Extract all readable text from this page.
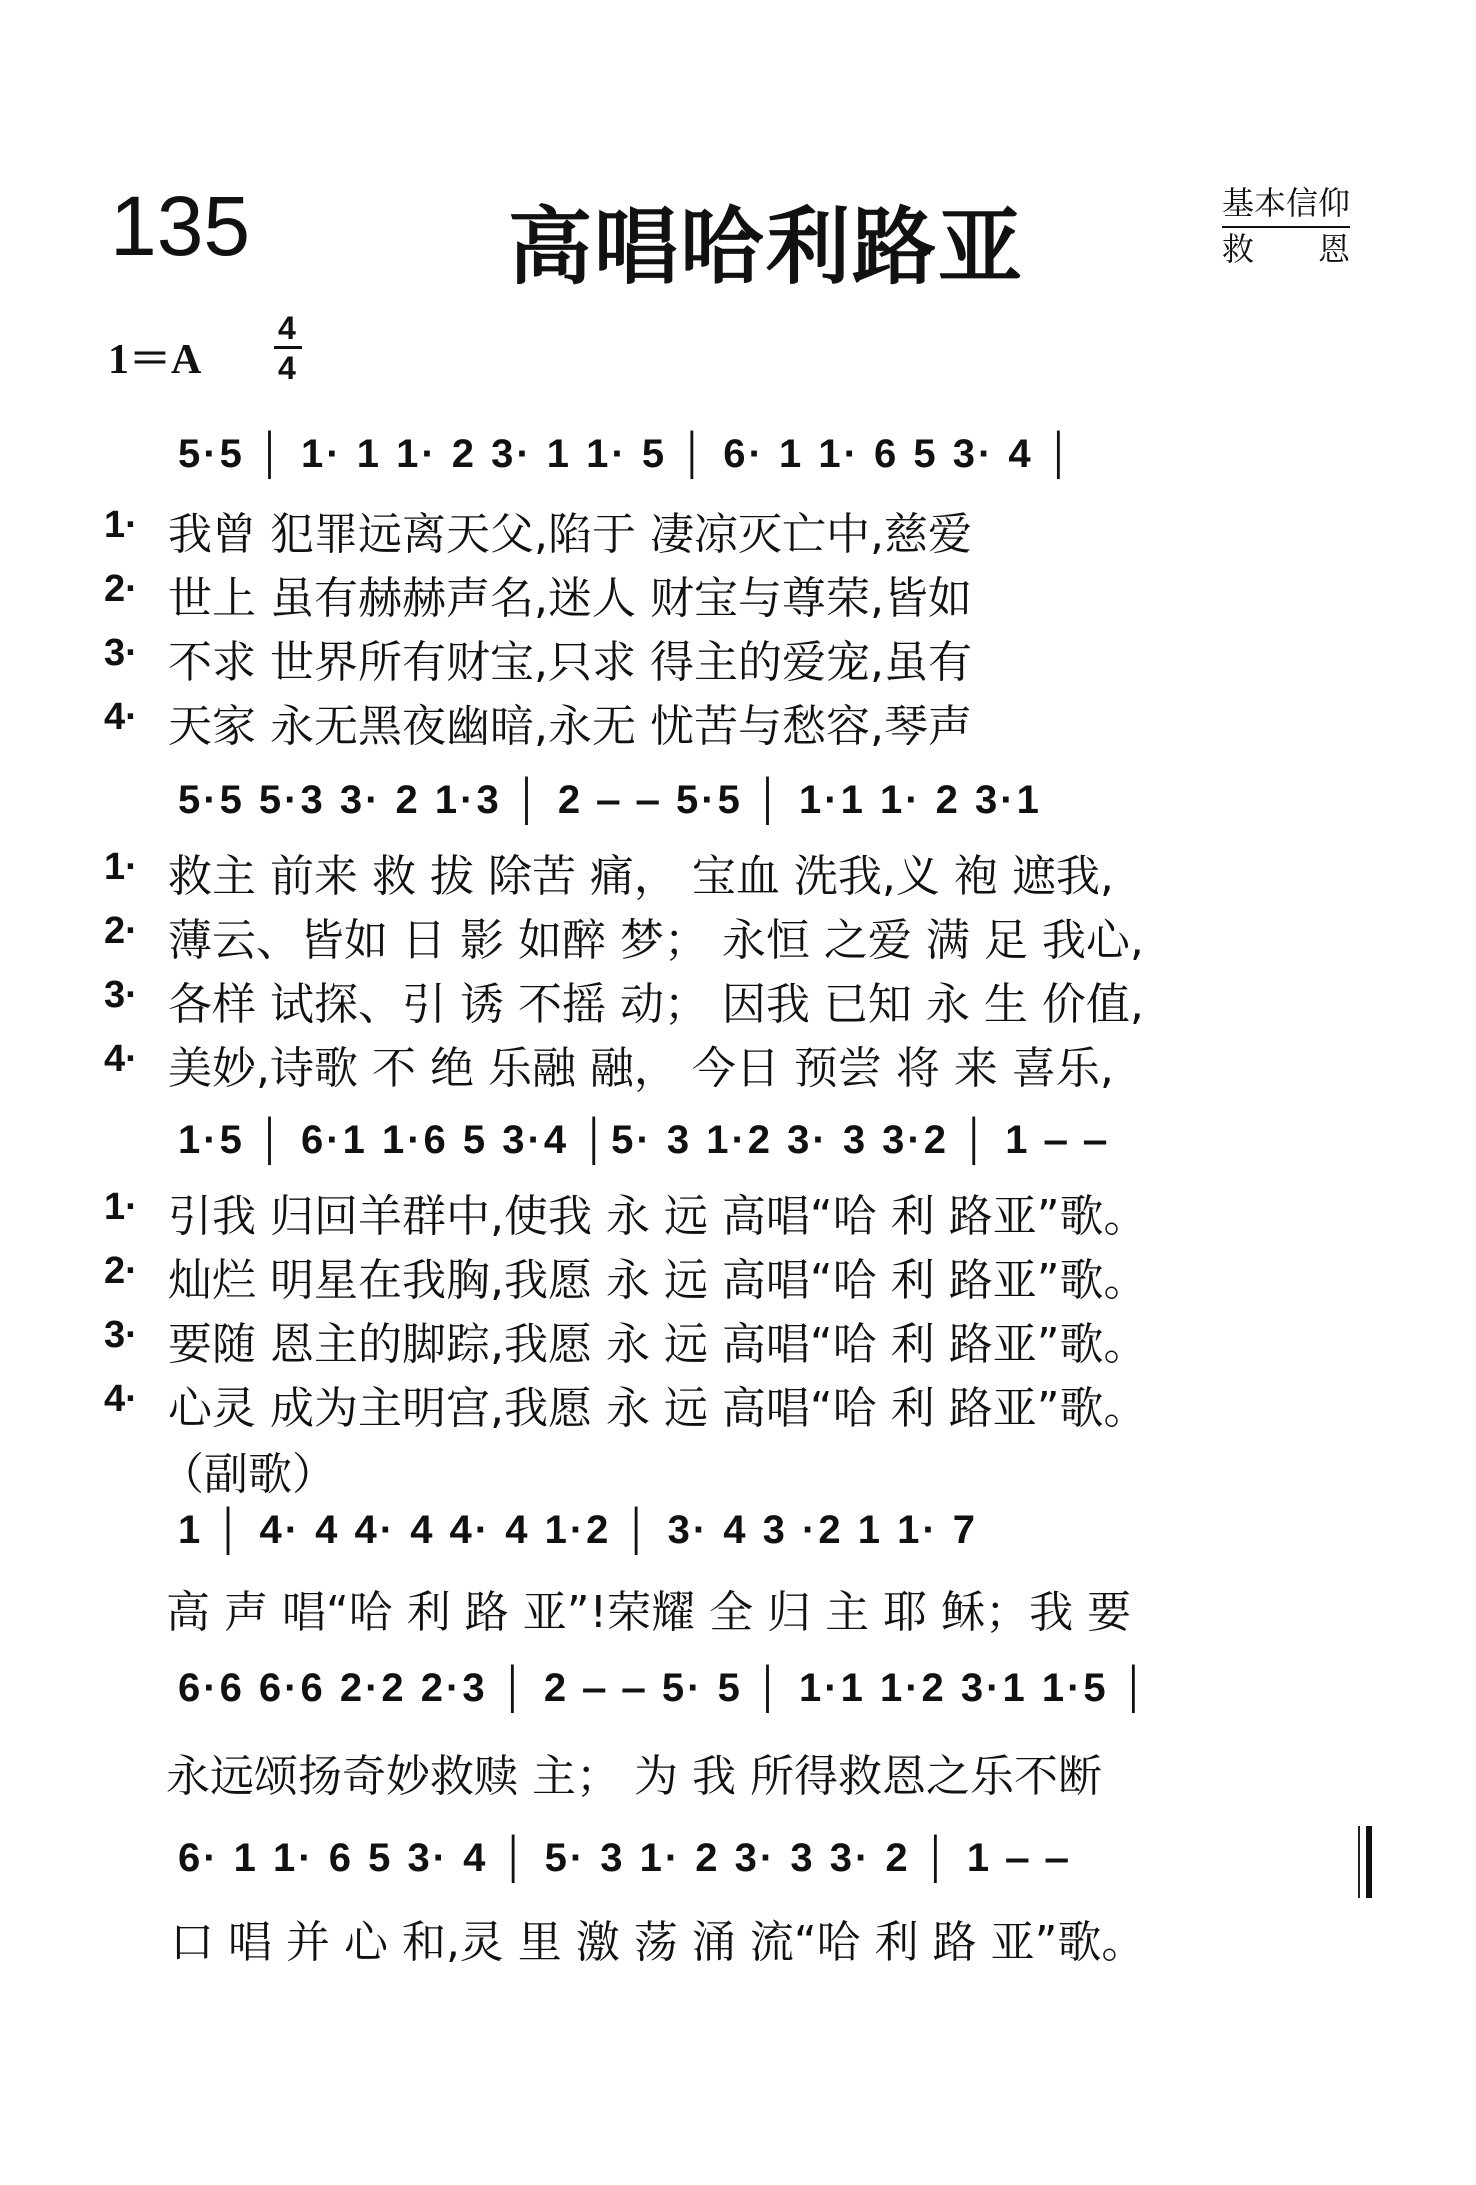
135	高唱哈利路亚	基本信仰
救　　恩
1＝A
4
4
5·5 │ 1· 1 1· 2 3· 1 1· 5 │ 6· 1 1· 6 5 3· 4 │
1· 我曾 犯罪远离天父,陷于 凄凉灭亡中,慈爱
2· 世上 虽有赫赫声名,迷人 财宝与尊荣,皆如
3· 不求 世界所有财宝,只求 得主的爱宠,虽有
4· 天家 永无黑夜幽暗,永无 忧苦与愁容,琴声
5·5 5·3 3· 2 1·3 │ 2 ‒ ‒ 5·5 │ 1·1 1· 2 3·1
1· 救主 前来 救 拔 除苦 痛， 宝血 洗我,义 袍 遮我,
2· 薄云、皆如 日 影 如醉 梦； 永恒 之爱 满 足 我心,
3· 各样 试探、引 诱 不摇 动； 因我 已知 永 生 价值,
4· 美妙,诗歌 不 绝 乐融 融， 今日 预尝 将 来 喜乐,
1·5 │ 6·1 1·6 5 3·4 │5· 3 1·2 3· 3 3·2 │ 1 ‒ ‒
1· 引我 归回羊群中,使我 永 远 高唱“哈 利 路亚”歌。
2· 灿烂 明星在我胸,我愿 永 远 高唱“哈 利 路亚”歌。
3· 要随 恩主的脚踪,我愿 永 远 高唱“哈 利 路亚”歌。
4· 心灵 成为主明宫,我愿 永 远 高唱“哈 利 路亚”歌。
（副歌）
1 │ 4· 4 4· 4 4· 4 1·2 │ 3· 4 3 ·2 1 1· 7
高 声 唱“哈 利 路 亚”!荣耀 全 归 主 耶 稣；我 要
6·6 6·6 2·2 2·3 │ 2 ‒ ‒ 5· 5 │ 1·1 1·2 3·1 1·5 │
永远颂扬奇妙救赎 主； 为 我 所得救恩之乐不断
6· 1 1· 6 5 3· 4 │ 5· 3 1· 2 3· 3 3· 2 │ 1 ‒ ‒
口 唱 并 心 和,灵 里 激 荡 涌 流“哈 利 路 亚”歌。
